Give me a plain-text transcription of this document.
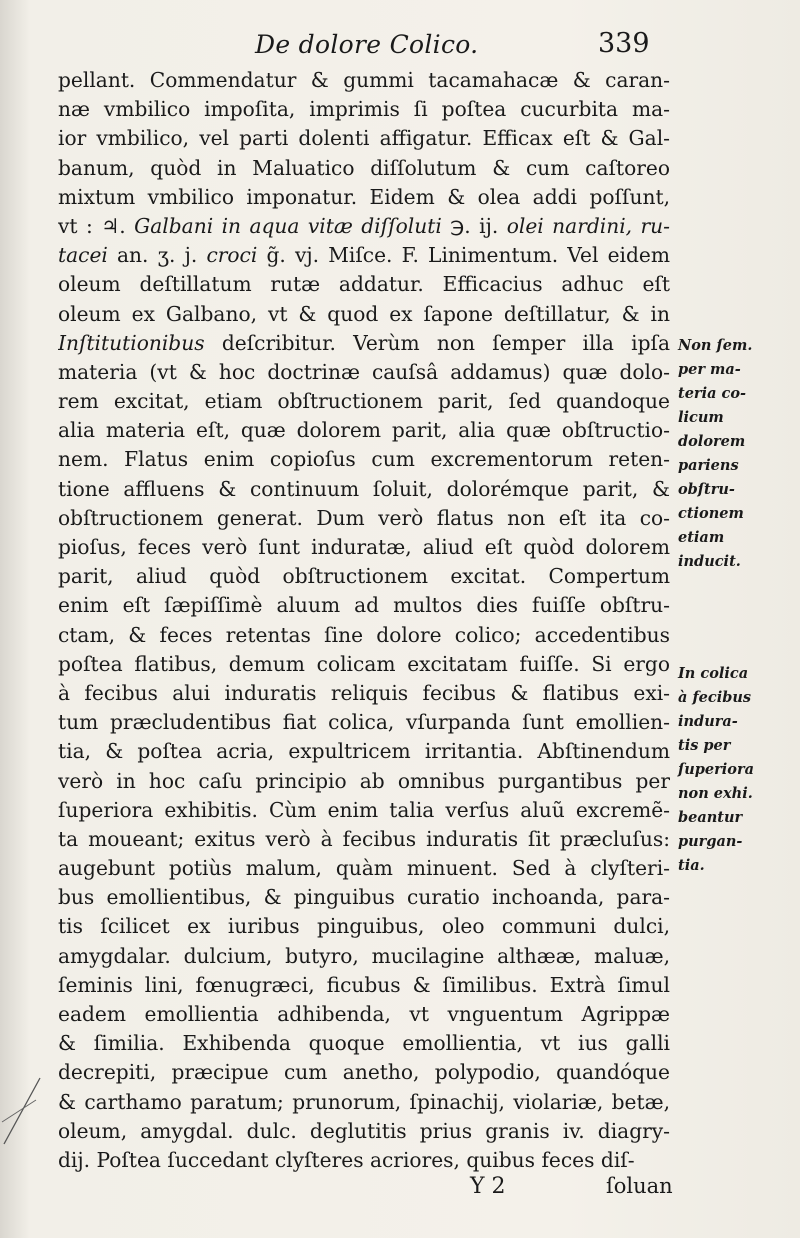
De dolore Colico.	339
pellant. Commendatur & gummi tacamahacæ & caran-
næ vmbilico impoſita, imprimis ſi poſtea cucurbita ma-
ior vmbilico, vel parti dolenti affigatur. Efficax eſt & Gal-
banum, quòd in Maluatico diſſolutum & cum caſtoreo
mixtum vmbilico imponatur. Eidem & olea addi poſſunt,
vt : ♃. Galbani in aqua vitæ diſſoluti ℈. ij. olei nardini, ru-
tacei an. ʒ. j. croci g̃. vj. Miſce. F. Linimentum. Vel eidem
oleum deſtillatum rutæ addatur. Efficacius adhuc eſt
oleum ex Galbano, vt & quod ex ſapone deſtillatur, & in
Inſtitutionibus deſcribitur. Verùm non ſemper illa ipſa
materia (vt & hoc doctrinæ cauſsâ addamus) quæ dolo-
rem excitat, etiam obſtructionem parit, ſed quandoque
alia materia eſt, quæ dolorem parit, alia quæ obſtructio-
nem. Flatus enim copioſus cum excrementorum reten-
tione affluens & continuum ſoluit, dolorémque parit, &
obſtructionem generat. Dum verò flatus non eſt ita co-
pioſus, feces verò ſunt induratæ, aliud eſt quòd dolorem
parit, aliud quòd obſtructionem excitat. Compertum
enim eſt ſæpiſſimè aluum ad multos dies fuiſſe obſtru-
ctam, & feces retentas ſine dolore colico; accedentibus
poſtea flatibus, demum colicam excitatam fuiſſe. Si ergo
à fecibus alui induratis reliquis fecibus & flatibus exi-
tum præcludentibus fiat colica, vſurpanda ſunt emollien-
tia, & poſtea acria, expultricem irritantia. Abſtinendum
verò in hoc caſu principio ab omnibus purgantibus per
ſuperiora exhibitis. Cùm enim talia verſus aluũ excremẽ-
ta moueant; exitus verò à fecibus induratis ſit præcluſus:
augebunt potiùs malum, quàm minuent. Sed à clyſteri-
bus emollientibus, & pinguibus curatio inchoanda, para-
tis ſcilicet ex iuribus pinguibus, oleo communi dulci,
amygdalar. dulcium, butyro, mucilagine althææ, maluæ,
ſeminis lini, fœnugræci, ficubus & ſimilibus. Extrà ſimul
eadem emollientia adhibenda, vt vnguentum Agrippæ
& ſimilia. Exhibenda quoque emollientia, vt ius galli
decrepiti, præcipue cum anetho, polypodio, quandóque
& carthamo paratum; prunorum, ſpinachij, violariæ, betæ,
oleum, amygdal. dulc. deglutitis prius granis iv. diagry-
dij. Poſtea ſuccedant clyſteres acriores, quibus feces diſ-
Non ſem.
per ma-
teria co-
licum
dolorem
pariens
obſtru-
ctionem
etiam
inducit.
In colica
à fecibus
indura-
tis per
ſuperiora
non exhi.
beantur
purgan-
tia.
Y 2	ſoluan
